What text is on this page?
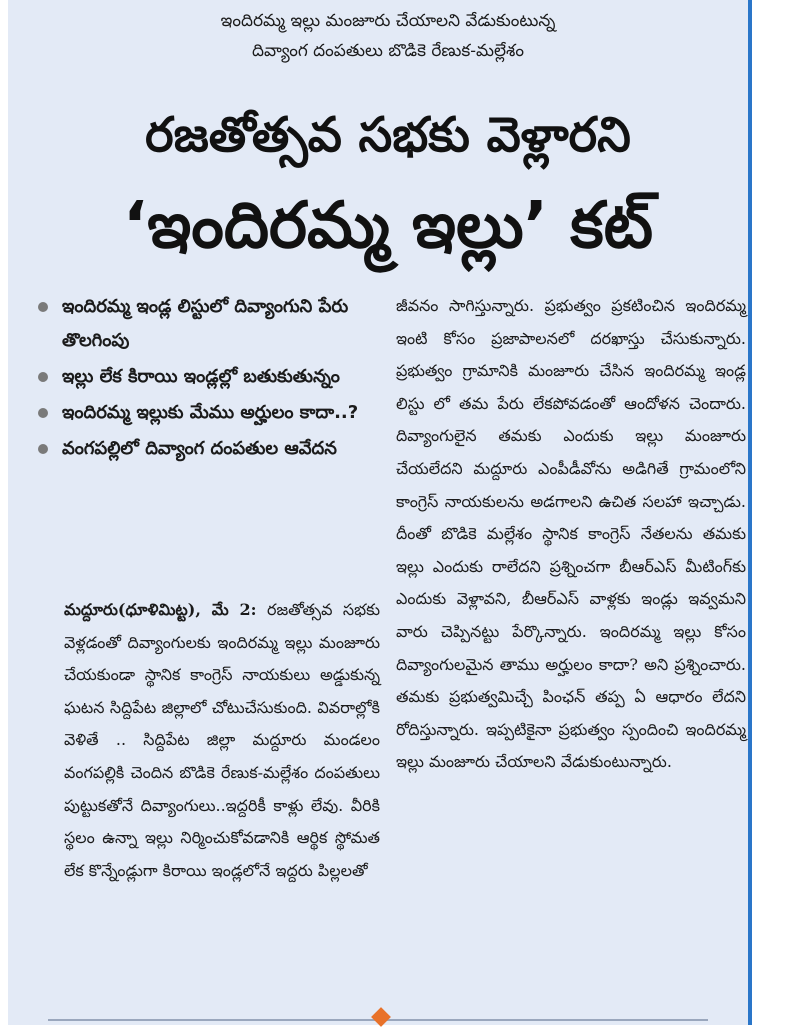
ఇందిరమ్మ ఇల్లు మంజూరు చేయాలని వేడుకుంటున్న
దివ్యాంగ దంపతులు బొడికె రేణుక-మల్లేశం
రజతోత్సవ సభకు వెళ్లారని
‘ఇందిరమ్మ ఇల్లు’ కట్
ఇందిరమ్మ ఇండ్ల లిస్టులో దివ్యాంగుని పేరు తొలగింపు
ఇల్లు లేక కిరాయి ఇండ్లల్లో బతుకుతున్నం
ఇందిరమ్మ ఇల్లుకు మేము అర్హులం కాదా..?
వంగపల్లిలో దివ్యాంగ దంపతుల ఆవేదన
మద్దూరు(ధూళిమిట్ట), మే 2: రజతోత్సవ సభకు వెళ్లడంతో దివ్యాంగులకు ఇందిరమ్మ ఇల్లు మంజూరు చేయకుండా స్థానిక కాంగ్రెస్ నాయకులు అడ్డుకున్న ఘటన సిద్దిపేట జిల్లాలో చోటుచేసుకుంది. వివరాల్లోకి వెళితే .. సిద్దిపేట జిల్లా మద్దూరు మండలం వంగపల్లికి చెందిన బొడికె రేణుక-మల్లేశం దంపతులు పుట్టుకతోనే దివ్యాంగులు..ఇద్దరికీ కాళ్లు లేవు. వీరికి స్థలం ఉన్నా ఇల్లు నిర్మించుకోవడానికి ఆర్థిక స్థోమత లేక కొన్నేండ్లుగా కిరాయి ఇండ్లలోనే ఇద్దరు పిల్లలతో
జీవనం సాగిస్తున్నారు. ప్రభుత్వం ప్రకటించిన ఇందిరమ్మ ఇంటి కోసం ప్రజాపాలనలో దరఖాస్తు చేసుకున్నారు. ప్రభుత్వం గ్రామానికి మంజూరు చేసిన ఇందిరమ్మ ఇండ్ల లిస్టు లో తమ పేరు లేకపోవడంతో ఆందోళన చెందారు. దివ్యాంగులైన తమకు ఎందుకు ఇల్లు మంజూరు చేయలేదని మద్దూరు ఎంపీడీవోను అడిగితే గ్రామంలోని కాంగ్రెస్ నాయకులను అడగాలని ఉచిత సలహా ఇచ్చాడు. దీంతో బొడికె మల్లేశం స్థానిక కాంగ్రెస్ నేతలను తమకు ఇల్లు ఎందుకు రాలేదని ప్రశ్నించగా బీఆర్ఎస్ మీటింగ్‌కు ఎందుకు వెళ్లావని, బీఆర్ఎస్ వాళ్లకు ఇండ్లు ఇవ్వమని వారు చెప్పినట్టు పేర్కొన్నారు. ఇందిరమ్మ ఇల్లు కోసం దివ్యాంగులమైన తాము అర్హులం కాదా? అని ప్రశ్నించారు. తమకు ప్రభుత్వమిచ్చే పింఛన్ తప్ప ఏ ఆధారం లేదని రోదిస్తున్నారు. ఇప్పటికైనా ప్రభుత్వం స్పందించి ఇందిరమ్మ ఇల్లు మంజూరు చేయాలని వేడుకుంటున్నారు.
